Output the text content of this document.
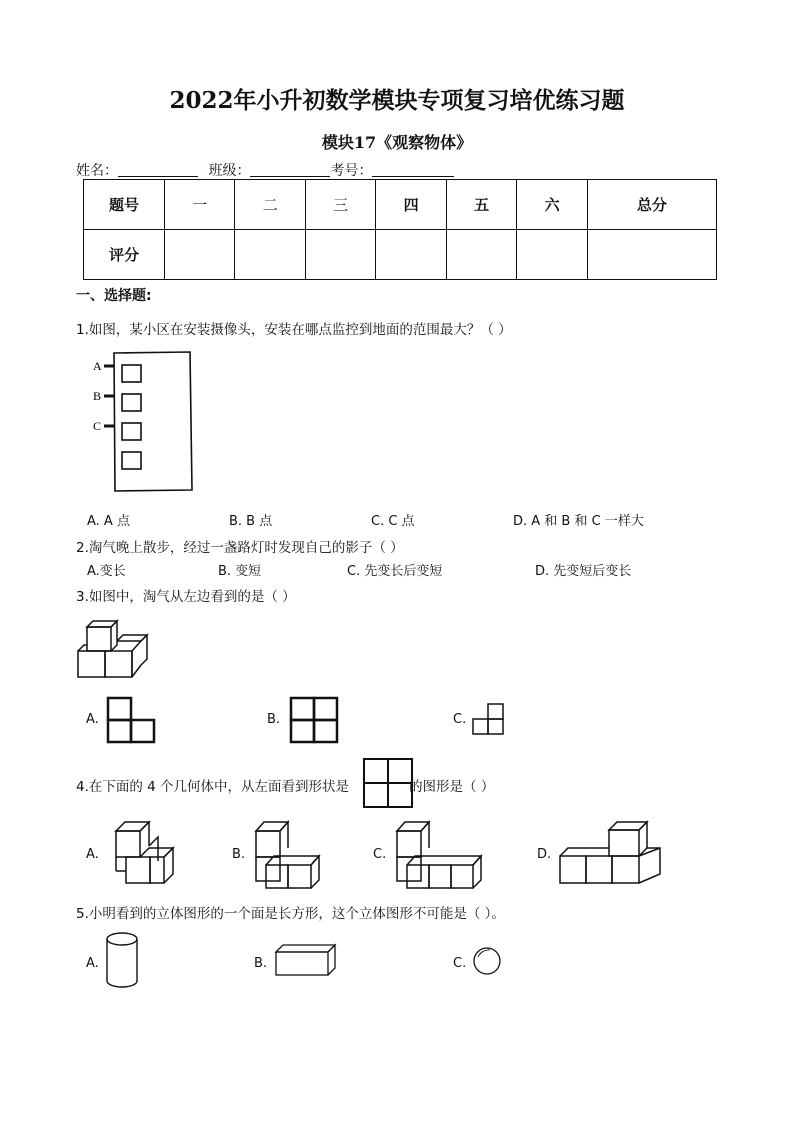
2022年小升初数学模块专项复习培优练习题
模块17《观察物体》
姓名：	班级：	考号：
题号	一	二	三	四	五	六	总分
评分							
一、选择题:
1.如图，某小区在安装摄像头，安装在哪点监控到地面的范围最大？（ ）
A
B
C
A. A 点	B. B 点	C. C 点	D. A 和 B 和 C 一样大
2.淘气晚上散步，经过一盏路灯时发现自己的影子（ ）
A.变长	B. 变短	C. 先变长后变短	D. 先变短后变长
3.如图中，淘气从左边看到的是（ ）
A.	B.	C.
4.在下面的 4 个几何体中，从左面看到形状是	的图形是（ ）
A.	B.	C.	D.
5.小明看到的立体图形的一个面是长方形，这个立体图形不可能是（ ）。
A.	B.	C.
